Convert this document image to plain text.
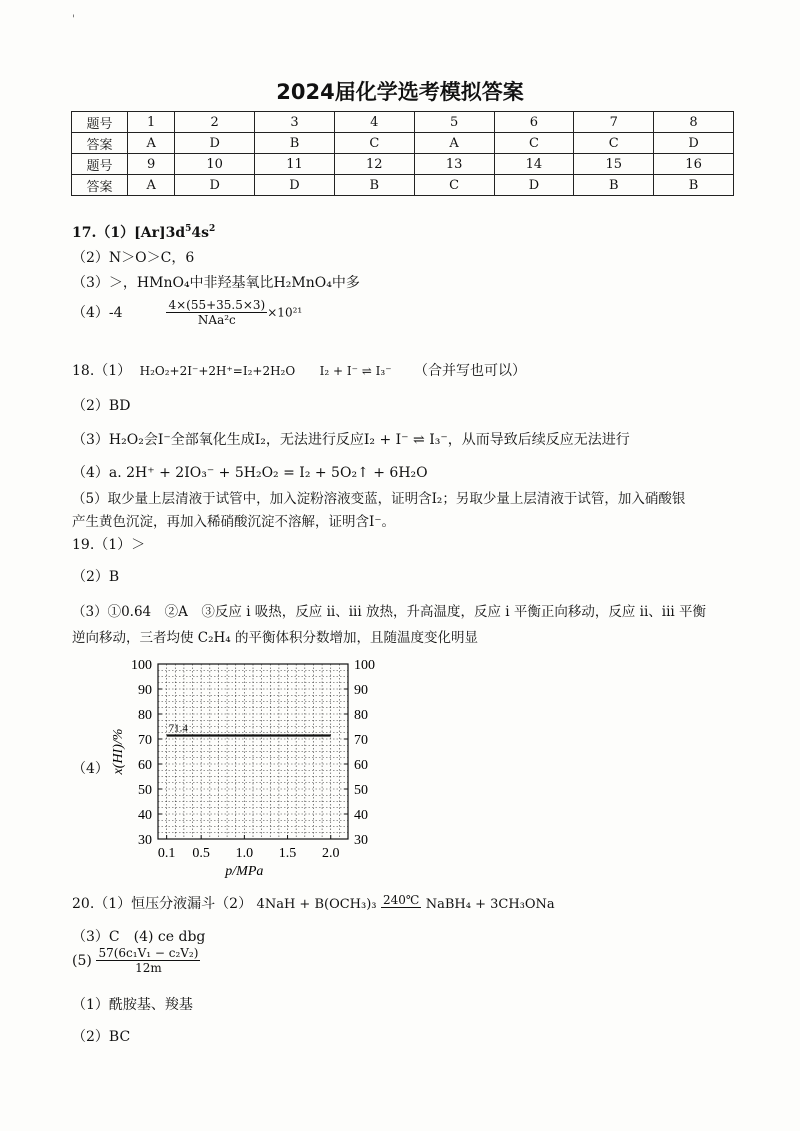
'
2024届化学选考模拟答案
题号	1	2	3	4	5	6	7	8
答案	A	D	B	C	A	C	C	D
题号	9	10	11	12	13	14	15	16
答案	A	D	D	B	C	D	B	B
$17.(1)[Ar]3d^54s^2$
（2）N＞O＞C，6
（3）＞，HMnO₄中非羟基氧比H₂MnO₄中多
（4）-4	$\frac{4\times(55+35.5\times 3)}{\text{NAa²c}} \times 10^{21}$
18.（1） H₂O₂+2I⁻+2H⁺=I₂+2H₂O I₂ + I⁻ ⇌ I₃⁻ （合并写也可以）
（2）BD
（3）H₂O₂会I⁻全部氧化生成I₂，无法进行反应I₂ + I⁻ ⇌ I₃⁻，从而导致后续反应无法进行
（4）a. 2H⁺ + 2IO₃⁻ + 5H₂O₂ = I₂ + 5O₂↑ + 6H₂O
（5）取少量上层清液于试管中，加入淀粉溶液变蓝，证明含I₂；另取少量上层清液于试管，加入硝酸银
产生黄色沉淀，再加入稀硝酸沉淀不溶解，证明含I⁻。
19.（1）＞
（2）B
（3）①0.64　②A　③反应 i 吸热，反应 ii、iii 放热，升高温度，反应 i 平衡正向移动，反应 ii、iii 平衡
逆向移动，三者均使 C₂H₄ 的平衡体积分数增加，且随温度变化明显
（4）
30	30
40	40
50	50
60	60
70	70
80	80
90	90
100	100
0.1 0.5 1.0 1.5 2.0
p/MPa
x(HI)/%
71.4
20.（1）恒压分液漏斗（2） 4NaH + B(OCH₃)₃ 240℃ NaBH₄ + 3CH₃ONa
（3）C　(4) ce dbg
$(5) \frac{\text{57(6c₁V₁ − c₂V₂)}}{12m}$
（1）酰胺基、羧基
（2）BC
